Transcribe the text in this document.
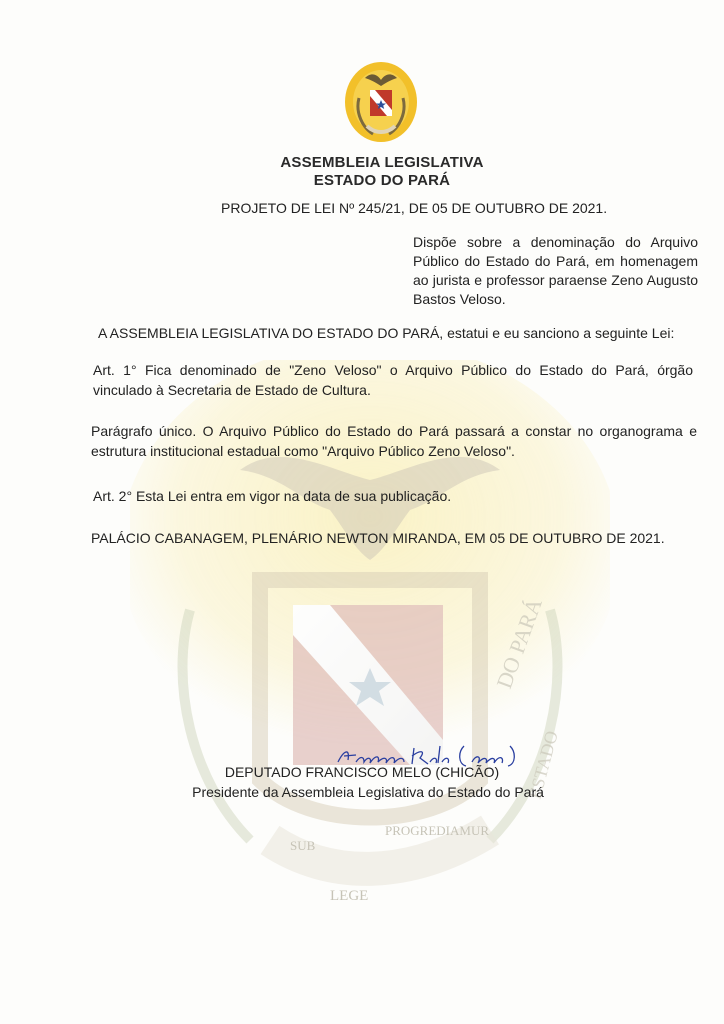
DO PARÁ
ESTADO
SUB
LEGE
PROGREDIAMUR
ASSEMBLEIA LEGISLATIVA
ESTADO DO PARÁ
PROJETO DE LEI Nº 245/21, DE 05 DE OUTUBRO DE 2021.
Dispõe sobre a denominação do Arquivo Público do Estado do Pará, em homenagem ao jurista e professor paraense Zeno Augusto Bastos Veloso.
A ASSEMBLEIA LEGISLATIVA DO ESTADO DO PARÁ, estatui e eu sanciono a seguinte Lei:
Art. 1° Fica denominado de "Zeno Veloso" o Arquivo Público do Estado do Pará, órgão vinculado à Secretaria de Estado de Cultura.
Parágrafo único. O Arquivo Público do Estado do Pará passará a constar no organograma e estrutura institucional estadual como "Arquivo Público Zeno Veloso".
Art. 2° Esta Lei entra em vigor na data de sua publicação.
PALÁCIO CABANAGEM, PLENÁRIO NEWTON MIRANDA, EM 05 DE OUTUBRO DE 2021.
DEPUTADO FRANCISCO MELO (CHICÃO)
Presidente da Assembleia Legislativa do Estado do Pará
